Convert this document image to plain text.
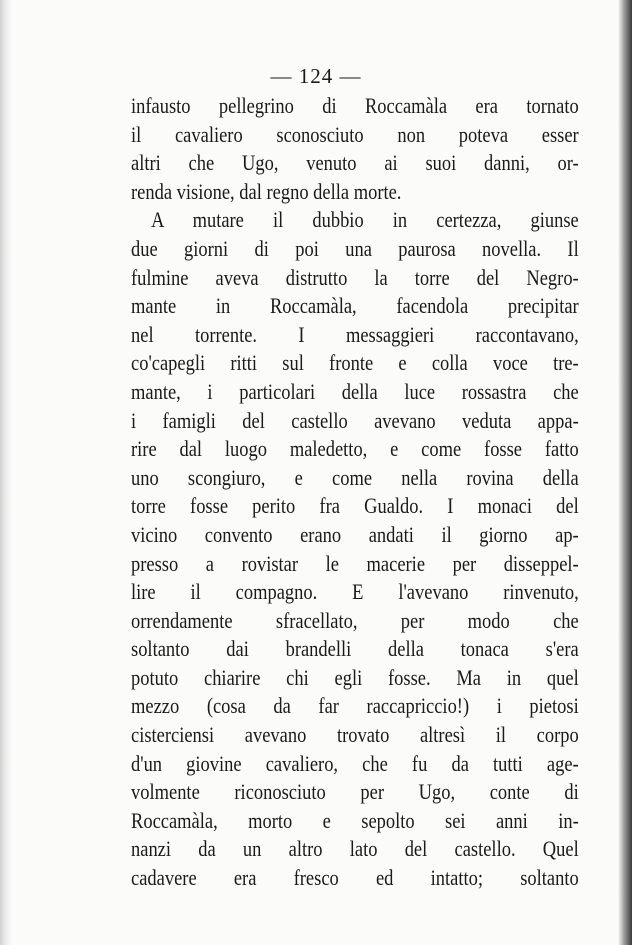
— 124 —
infausto pellegrino di Roccamàla era tornato
il cavaliero sconosciuto non poteva esser
altri che Ugo, venuto ai suoi danni, or-
renda visione, dal regno della morte.
A mutare il dubbio in certezza, giunse
due giorni di poi una paurosa novella. Il
fulmine aveva distrutto la torre del Negro-
mante in Roccamàla, facendola precipitar
nel torrente. I messaggieri raccontavano,
co'capegli ritti sul fronte e colla voce tre-
mante, i particolari della luce rossastra che
i famigli del castello avevano veduta appa-
rire dal luogo maledetto, e come fosse fatto
uno scongiuro, e come nella rovina della
torre fosse perito fra Gualdo. I monaci del
vicino convento erano andati il giorno ap-
presso a rovistar le macerie per disseppel-
lire il compagno. E l'avevano rinvenuto,
orrendamente sfracellato, per modo che
soltanto dai brandelli della tonaca s'era
potuto chiarire chi egli fosse. Ma in quel
mezzo (cosa da far raccapriccio!) i pietosi
cisterciensi avevano trovato altresì il corpo
d'un giovine cavaliero, che fu da tutti age-
volmente riconosciuto per Ugo, conte di
Roccamàla, morto e sepolto sei anni in-
nanzi da un altro lato del castello. Quel
cadavere era fresco ed intatto; soltanto
